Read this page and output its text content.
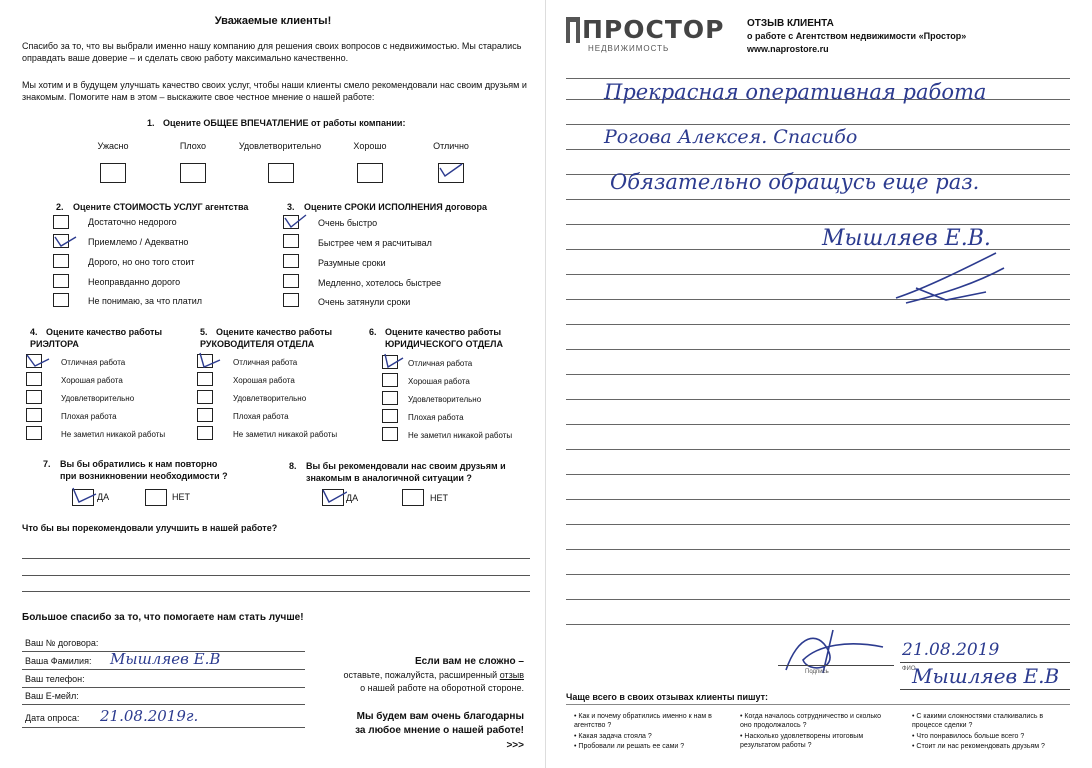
Уважаемые клиенты!
Спасибо за то, что вы выбрали именно нашу компанию для решения своих вопросов с недвижимостью. Мы старались
оправдать ваше доверие – и сделать свою работу максимально качественно.
Мы хотим и в будущем улучшать качество своих услуг, чтобы наши клиенты смело рекомендовали нас своим друзьям и
знакомым. Помогите нам в этом – выскажите свое честное мнение о нашей работе:
1. Оцените ОБЩЕЕ ВПЕЧАТЛЕНИЕ от работы компании:
Ужасно	Плохо	Удовлетворительно	Хорошо	Отлично
2. Оцените СТОИМОСТЬ УСЛУГ агентства
Достаточно недорого
Приемлемо / Адекватно
Дорого, но оно того стоит
Неоправданно дорого
Не понимаю, за что платил
3. Оцените СРОКИ ИСПОЛНЕНИЯ договора
Очень быстро
Быстрее чем я расчитывал
Разумные сроки
Медленно, хотелось быстрее
Очень затянули сроки
4. Оцените качество работы
РИЭЛТОРА
Отличная работа
Хорошая работа
Удовлетворительно
Плохая работа
Не заметил никакой работы
5. Оцените качество работы
РУКОВОДИТЕЛЯ ОТДЕЛА
Отличная работа
Хорошая работа
Удовлетворительно
Плохая работа
Не заметил никакой работы
6. Оцените качество работы
ЮРИДИЧЕСКОГО ОТДЕЛА
Отличная работа
Хорошая работа
Удовлетворительно
Плохая работа
Не заметил никакой работы
7. Вы бы обратились к нам повторно
при возникновении необходимости ?
ДА	НЕТ
8. Вы бы рекомендовали нас своим друзьям и
знакомым в аналогичной ситуации ?
ДА	НЕТ
Что бы вы порекомендовали улучшить в нашей работе?
Большое спасибо за то, что помогаете нам стать лучше!
Ваш № договора:
Ваша Фамилия: Мышляев Е.В
Ваш телефон:
Ваш Е-мейл:
Дата опроса: 21.08.2019г.
Если вам не сложно –
оставьте, пожалуйста, расширенный отзыв
о нашей работе на оборотной стороне.
Мы будем вам очень благодарны
за любое мнение о нашей работе!
>>>
ПРОСТОР
НЕДВИЖИМОСТЬ
ОТЗЫВ КЛИЕНТА
о работе с Агентством недвижимости «Простор»
www.naprostore.ru
Прекрасная оперативная работа
Рогова Алексея. Спасибо
Обязательно обращусь еще раз.
Мышляев Е.В.
Подпись
21.08.2019
ФИО
Мышляев Е.В
Чаще всего в своих отзывах клиенты пишут:
• Как и почему обратились именно к нам в агентство ?
• Какая задача стояла ?
• Пробовали ли решать ее сами ?
• Когда началось сотрудничество и сколько оно продолжалось ?
• Насколько удовлетворены итоговым результатом работы ?
• С какими сложностями сталкивались в процессе сделки ?
• Что понравилось больше всего ?
• Стоит ли нас рекомендовать друзьям ?
